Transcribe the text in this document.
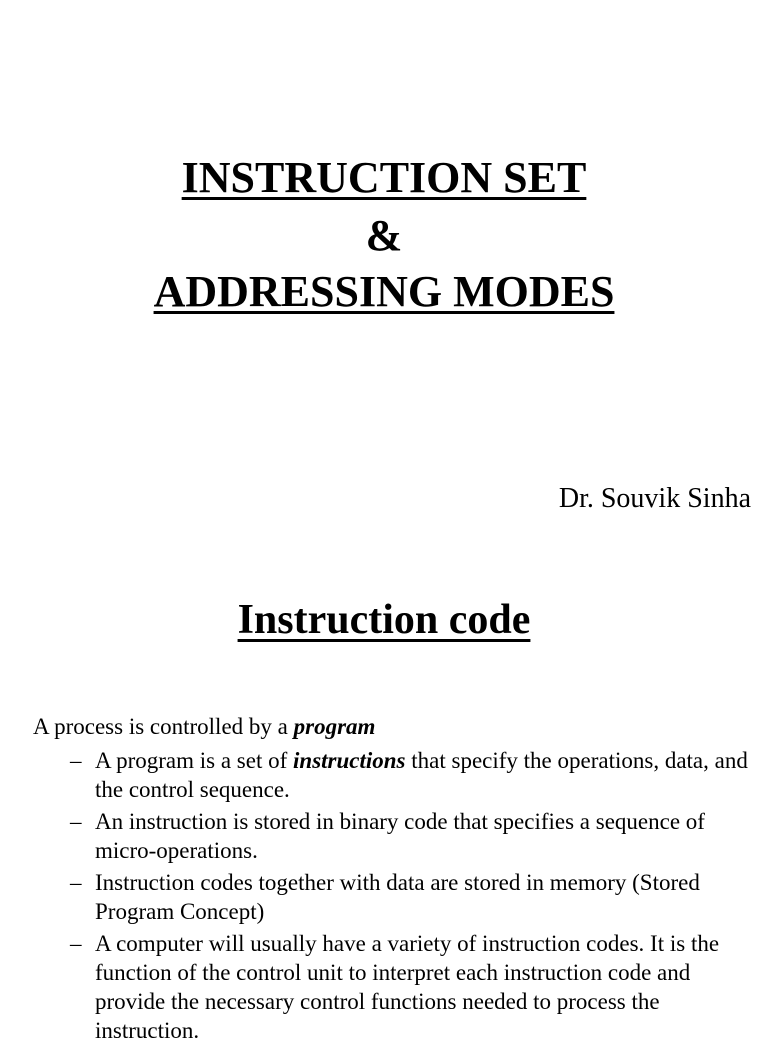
INSTRUCTION SET
&
ADDRESSING MODES
Dr. Souvik Sinha
Instruction code

A process is controlled by a program

– A program is a set of instructions that specify the operations, data, and the control sequence.
– An instruction is stored in binary code that specifies a sequence of micro-operations.
– Instruction codes together with data are stored in memory (Stored Program Concept)
– A computer will usually have a variety of instruction codes. It is the function of the control unit to interpret each instruction code and provide the necessary control functions needed to process the instruction.
